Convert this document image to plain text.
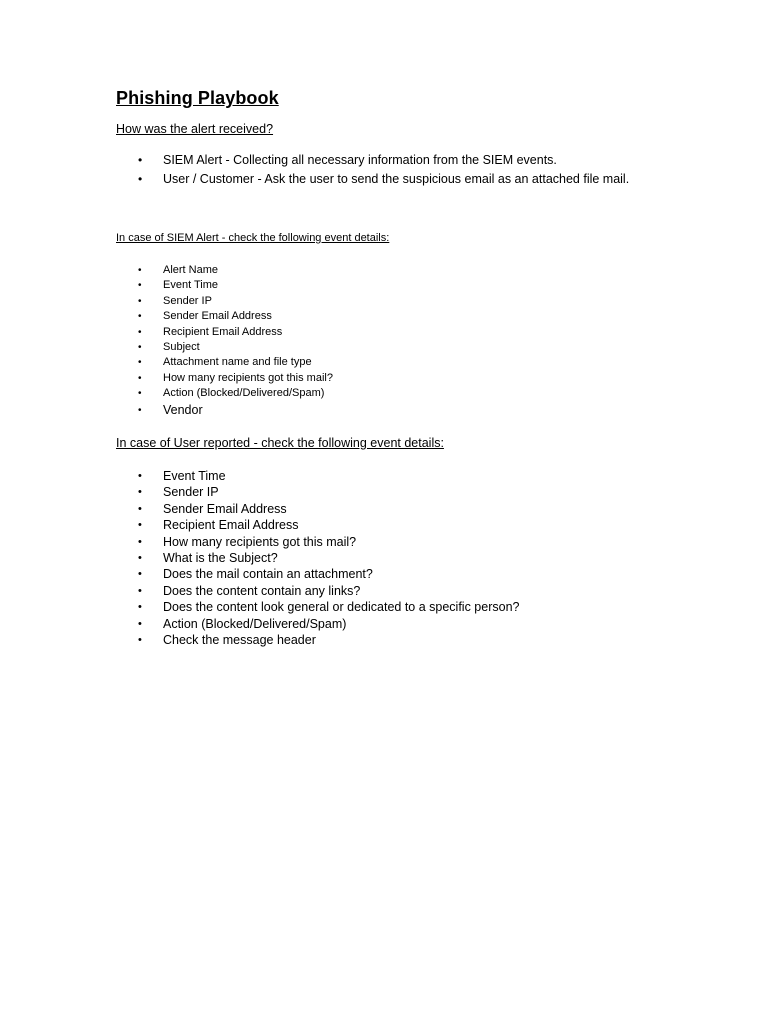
Phishing Playbook
How was the alert received?
• SIEM Alert - Collecting all necessary information from the SIEM events.
• User / Customer - Ask the user to send the suspicious email as an attached file mail.
In case of SIEM Alert - check the following event details:
• Alert Name
• Event Time
• Sender IP
• Sender Email Address
• Recipient Email Address
• Subject
• Attachment name and file type
• How many recipients got this mail?
• Action (Blocked/Delivered/Spam)
• Vendor
In case of User reported - check the following event details:
• Event Time
• Sender IP
• Sender Email Address
• Recipient Email Address
• How many recipients got this mail?
• What is the Subject?
• Does the mail contain an attachment?
• Does the content contain any links?
• Does the content look general or dedicated to a specific person?
• Action (Blocked/Delivered/Spam)
• Check the message header
